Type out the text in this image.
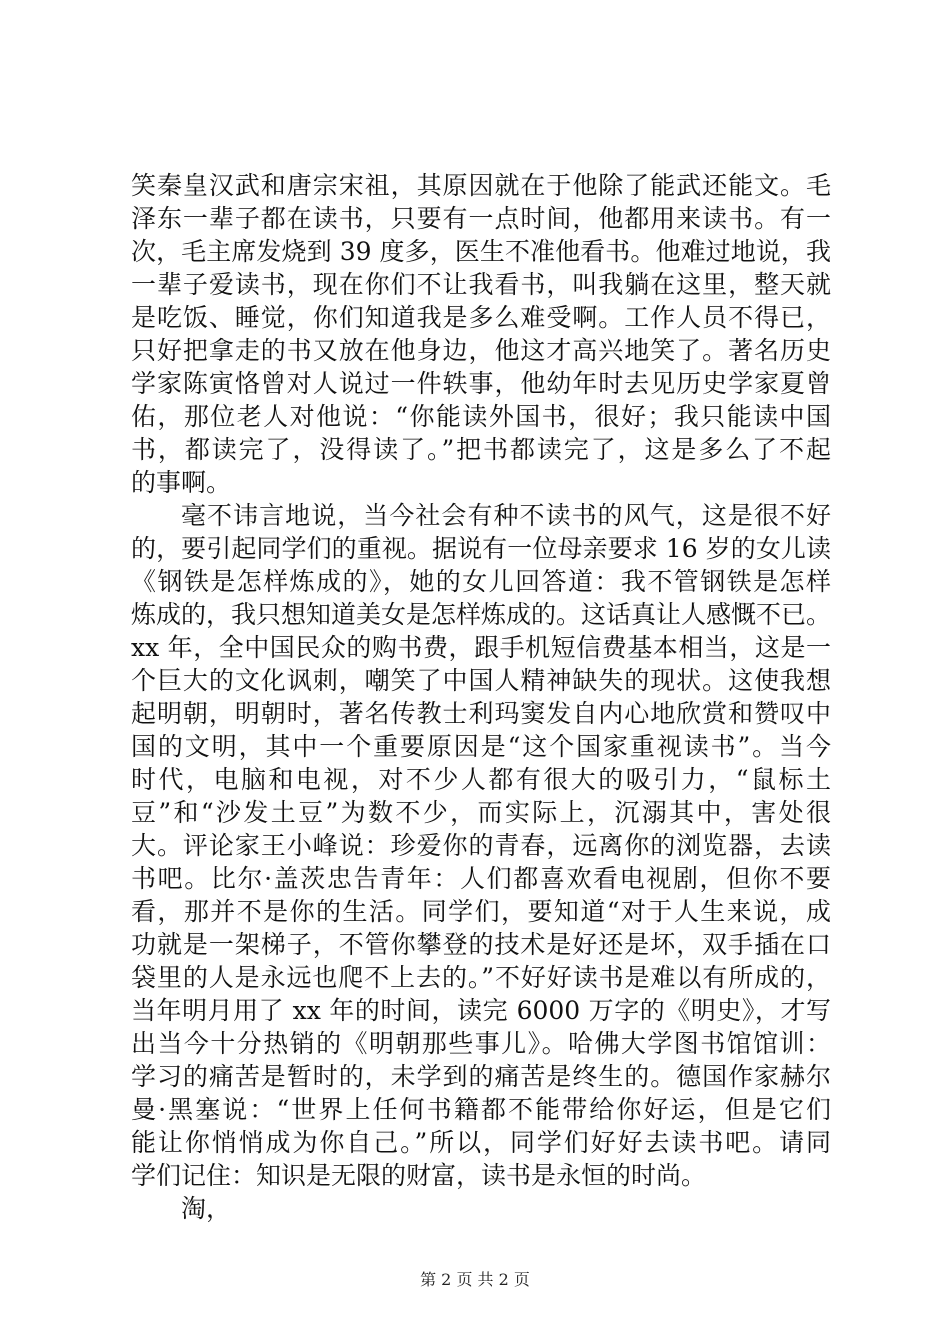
笑秦皇汉武和唐宗宋祖，其原因就在于他除了能武还能文。毛
泽东一辈子都在读书，只要有一点时间，他都用来读书。有一
次，毛主席发烧到 39 度多，医生不准他看书。他难过地说，我
一辈子爱读书，现在你们不让我看书，叫我躺在这里，整天就
是吃饭、睡觉，你们知道我是多么难受啊。工作人员不得已，
只好把拿走的书又放在他身边，他这才高兴地笑了。著名历史
学家陈寅恪曾对人说过一件轶事，他幼年时去见历史学家夏曾
佑，那位老人对他说：“你能读外国书，很好；我只能读中国
书，都读完了，没得读了。”把书都读完了，这是多么了不起
的事啊。
毫不讳言地说，当今社会有种不读书的风气，这是很不好
的，要引起同学们的重视。据说有一位母亲要求 16 岁的女儿读
《钢铁是怎样炼成的》，她的女儿回答道：我不管钢铁是怎样
炼成的，我只想知道美女是怎样炼成的。这话真让人感慨不已。
xx 年，全中国民众的购书费，跟手机短信费基本相当，这是一
个巨大的文化讽刺，嘲笑了中国人精神缺失的现状。这使我想
起明朝，明朝时，著名传教士利玛窦发自内心地欣赏和赞叹中
国的文明，其中一个重要原因是“这个国家重视读书”。当今
时代，电脑和电视，对不少人都有很大的吸引力，“鼠标土
豆”和“沙发土豆”为数不少，而实际上，沉溺其中，害处很
大。评论家王小峰说：珍爱你的青春，远离你的浏览器，去读
书吧。比尔·盖茨忠告青年：人们都喜欢看电视剧，但你不要
看，那并不是你的生活。同学们，要知道“对于人生来说，成
功就是一架梯子，不管你攀登的技术是好还是坏，双手插在口
袋里的人是永远也爬不上去的。”不好好读书是难以有所成的，
当年明月用了 xx 年的时间，读完 6000 万字的《明史》，才写
出当今十分热销的《明朝那些事儿》。哈佛大学图书馆馆训：
学习的痛苦是暂时的，未学到的痛苦是终生的。德国作家赫尔
曼·黑塞说：“世界上任何书籍都不能带给你好运，但是它们
能让你悄悄成为你自己。”所以，同学们好好去读书吧。请同
学们记住：知识是无限的财富，读书是永恒的时尚。
淘，
第 2 页 共 2 页
